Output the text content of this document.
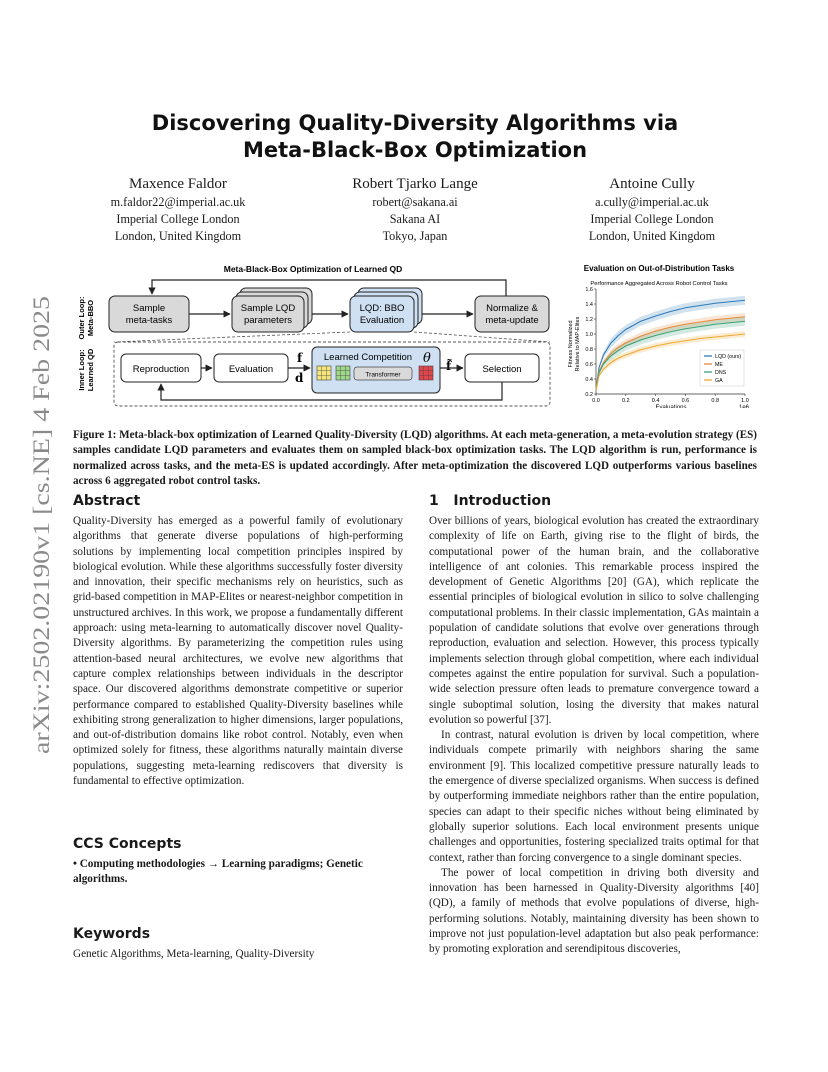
arXiv:2502.02190v1 [cs.NE] 4 Feb 2025
Discovering Quality-Diversity Algorithms via
Meta-Black-Box Optimization
Maxence Faldor
m.faldor22@imperial.ac.uk
Imperial College London
London, United Kingdom
Robert Tjarko Lange
robert@sakana.ai
Sakana AI
Tokyo, Japan
Antoine Cully
a.cully@imperial.ac.uk
Imperial College London
London, United Kingdom
Meta-Black-Box Optimization of Learned QD
Outer Loop: Meta-BBO
Inner Loop: Learned QD
Sample
meta-tasks
Sample LQD
parameters
LQD: BBO
Evaluation
Normalize &
meta-update
Reproduction	Evaluation
f
d
Learned Competition θ
Transformer
f̃	Selection
Evaluation on Out-of-Distribution Tasks
Performance Aggregated Across Robot Control Tasks
Fitness Normalized Relative to MAP-Elites
Evaluations	1e6
0.2
0.4
0.6
0.8
1.0
1.2
1.4
1.6
0.0	0.2	0.4	0.6	0.8	1.0
LQD (ours)
ME
DNS
GA
Figure 1: Meta-black-box optimization of Learned Quality-Diversity (LQD) algorithms. At each meta-generation, a meta-evolution strategy (ES) samples candidate LQD parameters and evaluates them on sampled black-box optimization tasks. The LQD algorithm is run, performance is normalized across tasks, and the meta-ES is updated accordingly. After meta-optimization the discovered LQD outperforms various baselines across 6 aggregated robot control tasks.
Abstract

Quality-Diversity has emerged as a powerful family of evolutionary algorithms that generate diverse populations of high-performing solutions by implementing local competition principles inspired by biological evolution. While these algorithms successfully foster diversity and innovation, their specific mechanisms rely on heuristics, such as grid-based competition in MAP-Elites or nearest-neighbor competition in unstructured archives. In this work, we propose a fundamentally different approach: using meta-learning to automatically discover novel Quality-Diversity algorithms. By parameterizing the competition rules using attention-based neural architectures, we evolve new algorithms that capture complex relationships between individuals in the descriptor space. Our discovered algorithms demonstrate competitive or superior performance compared to established Quality-Diversity baselines while exhibiting strong generalization to higher dimensions, larger populations, and out-of-distribution domains like robot control. Notably, even when optimized solely for fitness, these algorithms naturally maintain diverse populations, suggesting meta-learning rediscovers that diversity is fundamental to effective optimization.

CCS Concepts

• Computing methodologies → Learning paradigms; Genetic algorithms.

Keywords

Genetic Algorithms, Meta-learning, Quality-Diversity

1   Introduction

Over billions of years, biological evolution has created the extraordinary complexity of life on Earth, giving rise to the flight of birds, the computational power of the human brain, and the collaborative intelligence of ant colonies. This remarkable process inspired the development of Genetic Algorithms [20] (GA), which replicate the essential principles of biological evolution in silico to solve challenging computational problems. In their classic implementation, GAs maintain a population of candidate solutions that evolve over generations through reproduction, evaluation and selection. However, this process typically implements selection through global competition, where each individual competes against the entire population for survival. Such a population-wide selection pressure often leads to premature convergence toward a single suboptimal solution, losing the diversity that makes natural evolution so powerful [37].

In contrast, natural evolution is driven by local competition, where individuals compete primarily with neighbors sharing the same environment [9]. This localized competitive pressure naturally leads to the emergence of diverse specialized organisms. When success is defined by outperforming immediate neighbors rather than the entire population, species can adapt to their specific niches without being eliminated by globally superior solutions. Each local environment presents unique challenges and opportunities, fostering specialized traits optimal for that context, rather than forcing convergence to a single dominant species.

The power of local competition in driving both diversity and innovation has been harnessed in Quality-Diversity algorithms [40] (QD), a family of methods that evolve populations of diverse, high-performing solutions. Notably, maintaining diversity has been shown to improve not just population-level adaptation but also peak performance: by promoting exploration and serendipitous discoveries,
